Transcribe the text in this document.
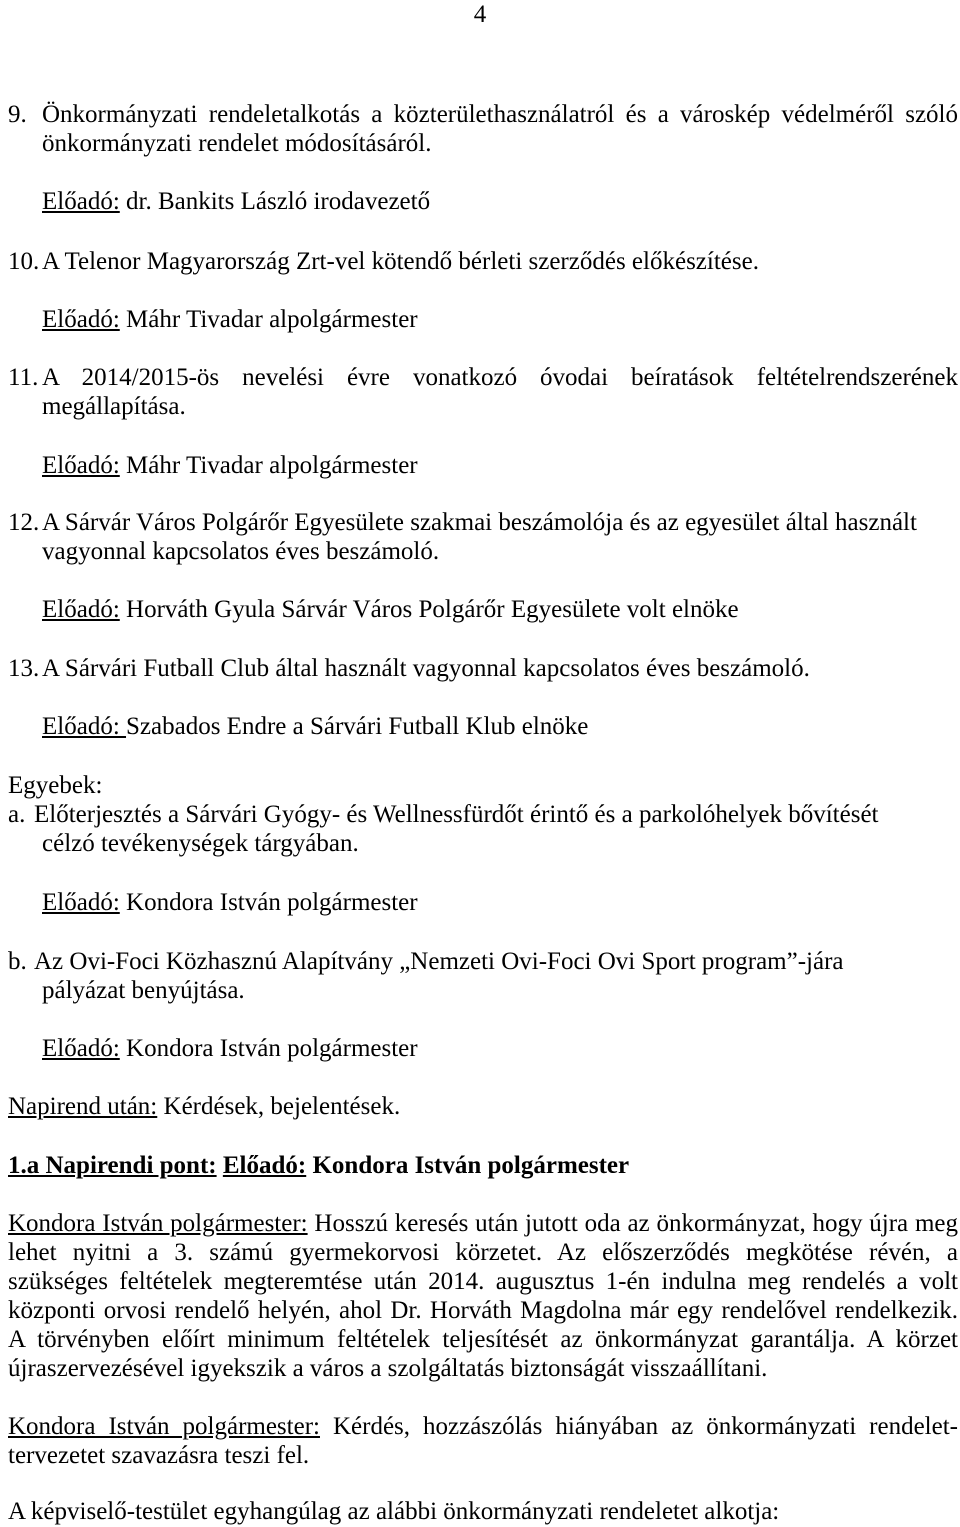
4
9. Önkormányzati rendeletalkotás a közterülethasználatról és a városkép védelméről szóló
önkormányzati rendelet módosításáról.
Előadó: dr. Bankits László irodavezető
10. A Telenor Magyarország Zrt-vel kötendő bérleti szerződés előkészítése.
Előadó: Máhr Tivadar alpolgármester
11. A 2014/2015-ös nevelési évre vonatkozó óvodai beíratások feltételrendszerének
megállapítása.
Előadó: Máhr Tivadar alpolgármester
12. A Sárvár Város Polgárőr Egyesülete szakmai beszámolója és az egyesület által használt
vagyonnal kapcsolatos éves beszámoló.
Előadó: Horváth Gyula Sárvár Város Polgárőr Egyesülete volt elnöke
13. A Sárvári Futball Club által használt vagyonnal kapcsolatos éves beszámoló.
Előadó: Szabados Endre a Sárvári Futball Klub elnöke
Egyebek:
a. Előterjesztés a Sárvári Gyógy- és Wellnessfürdőt érintő és a parkolóhelyek bővítését
célzó tevékenységek tárgyában.
Előadó: Kondora István polgármester
b. Az Ovi-Foci Közhasznú Alapítvány „Nemzeti Ovi-Foci Ovi Sport program”-jára
pályázat benyújtása.
Előadó: Kondora István polgármester
Napirend után: Kérdések, bejelentések.
1.a Napirendi pont: Előadó: Kondora István polgármester
Kondora István polgármester: Hosszú keresés után jutott oda az önkormányzat, hogy újra meg
lehet nyitni a 3. számú gyermekorvosi körzetet. Az előszerződés megkötése révén, a
szükséges feltételek megteremtése után 2014. augusztus 1-én indulna meg rendelés a volt
központi orvosi rendelő helyén, ahol Dr. Horváth Magdolna már egy rendelővel rendelkezik.
A törvényben előírt minimum feltételek teljesítését az önkormányzat garantálja. A körzet
újraszervezésével igyekszik a város a szolgáltatás biztonságát visszaállítani.
Kondora István polgármester: Kérdés, hozzászólás hiányában az önkormányzati rendelet-
tervezetet szavazásra teszi fel.
A képviselő-testület egyhangúlag az alábbi önkormányzati rendeletet alkotja:
